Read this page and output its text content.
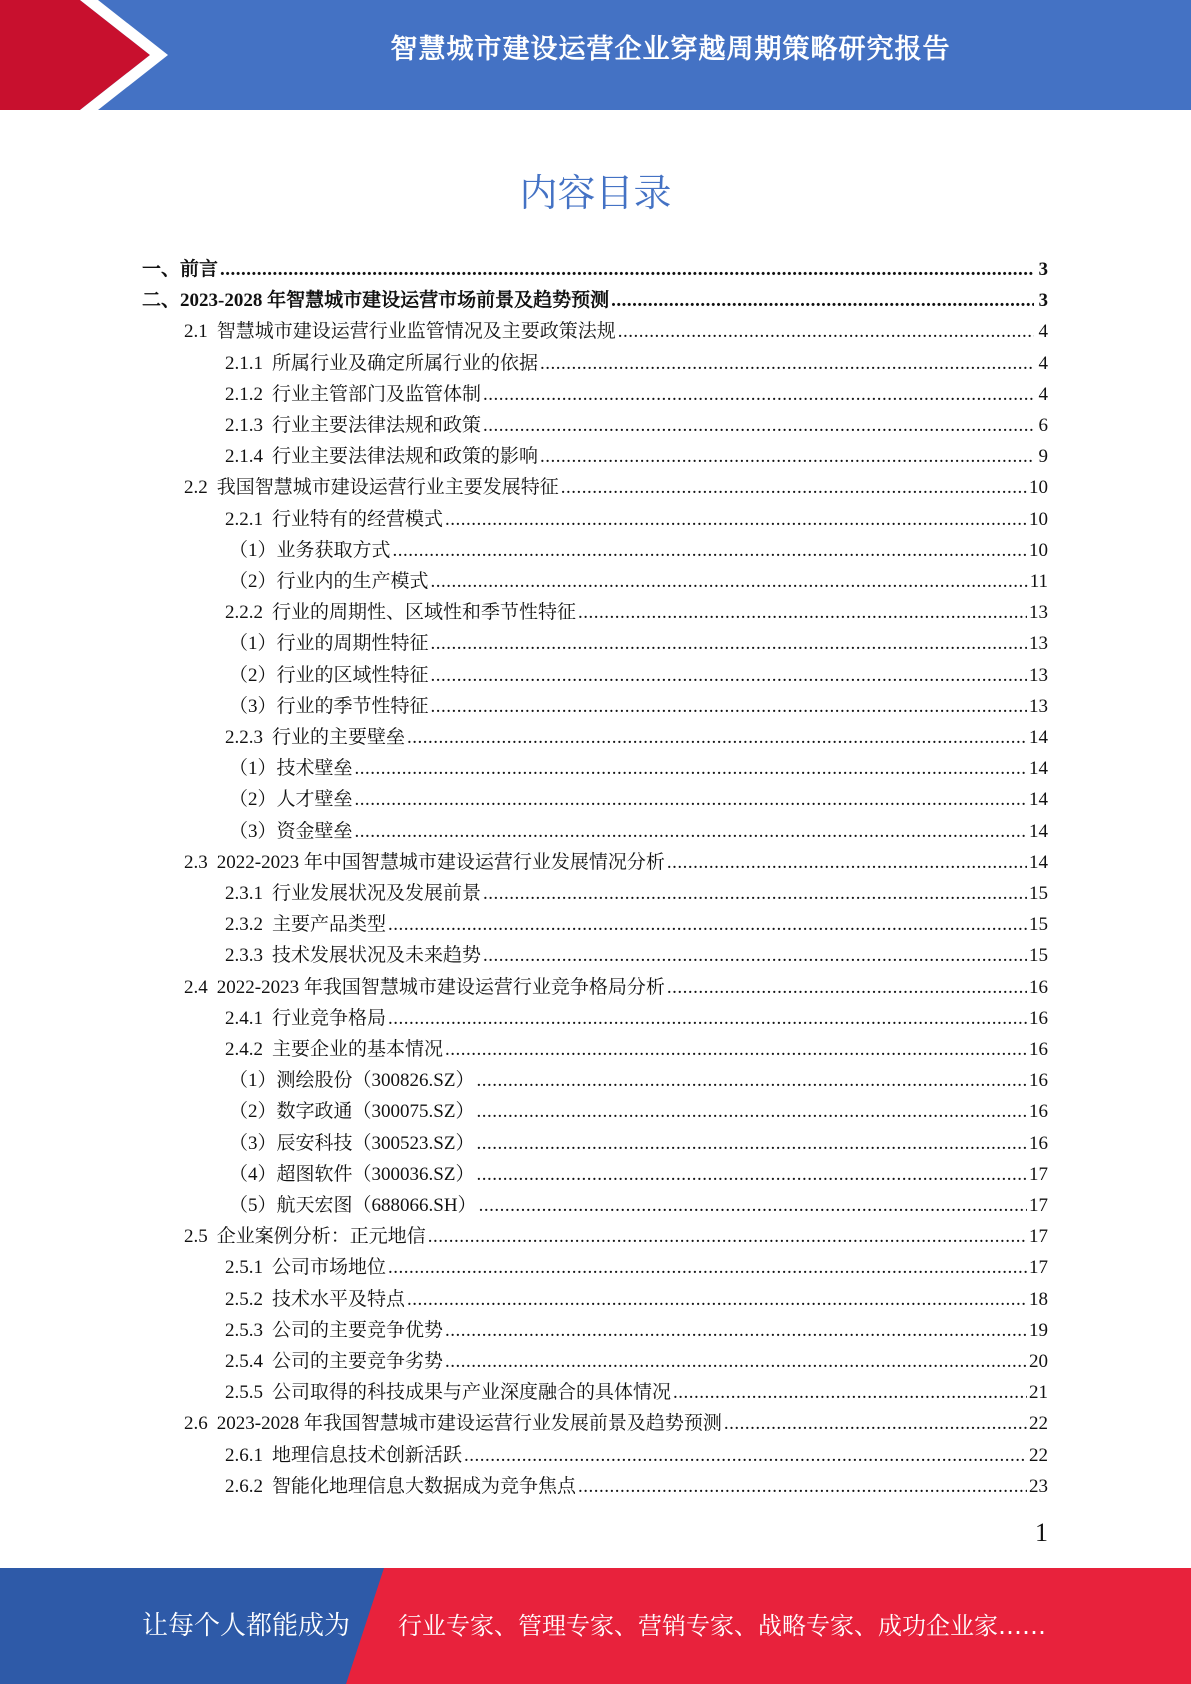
智慧城市建设运营企业穿越周期策略研究报告
内容目录
一、 前言 .....	3
二、 2023-2028 年智慧城市建设运营市场前景及趋势预测 .....	3
2.1 智慧城市建设运营行业监管情况及主要政策法规 .....	4
2.1.1 所属行业及确定所属行业的依据 .....	4
2.1.2 行业主管部门及监管体制 .....	4
2.1.3 行业主要法律法规和政策 .....	6
2.1.4 行业主要法律法规和政策的影响 .....	9
2.2 我国智慧城市建设运营行业主要发展特征 .....	10
2.2.1 行业特有的经营模式 .....	10
（1） 业务获取方式 .....	10
（2） 行业内的生产模式 .....	11
2.2.2 行业的周期性、区域性和季节性特征 .....	13
（1） 行业的周期性特征 .....	13
（2） 行业的区域性特征 .....	13
（3） 行业的季节性特征 .....	13
2.2.3 行业的主要壁垒 .....	14
（1） 技术壁垒 .....	14
（2） 人才壁垒 .....	14
（3） 资金壁垒 .....	14
2.3 2022-2023 年中国智慧城市建设运营行业发展情况分析 .....	14
2.3.1 行业发展状况及发展前景 .....	15
2.3.2 主要产品类型 .....	15
2.3.3 技术发展状况及未来趋势 .....	15
2.4 2022-2023 年我国智慧城市建设运营行业竞争格局分析 .....	16
2.4.1 行业竞争格局 .....	16
2.4.2 主要企业的基本情况 .....	16
（1） 测绘股份（300826.SZ） .....	16
（2） 数字政通（300075.SZ） .....	16
（3） 辰安科技（300523.SZ） .....	16
（4） 超图软件（300036.SZ） .....	17
（5） 航天宏图（688066.SH） .....	17
2.5 企业案例分析：正元地信 .....	17
2.5.1 公司市场地位 .....	17
2.5.2 技术水平及特点 .....	18
2.5.3 公司的主要竞争优势 .....	19
2.5.4 公司的主要竞争劣势 .....	20
2.5.5 公司取得的科技成果与产业深度融合的具体情况 .....	21
2.6 2023-2028 年我国智慧城市建设运营行业发展前景及趋势预测 .....	22
2.6.1 地理信息技术创新活跃 .....	22
2.6.2 智能化地理信息大数据成为竞争焦点 .....	23
1
让每个人都能成为 行业专家、管理专家、营销专家、战略专家、成功企业家……
